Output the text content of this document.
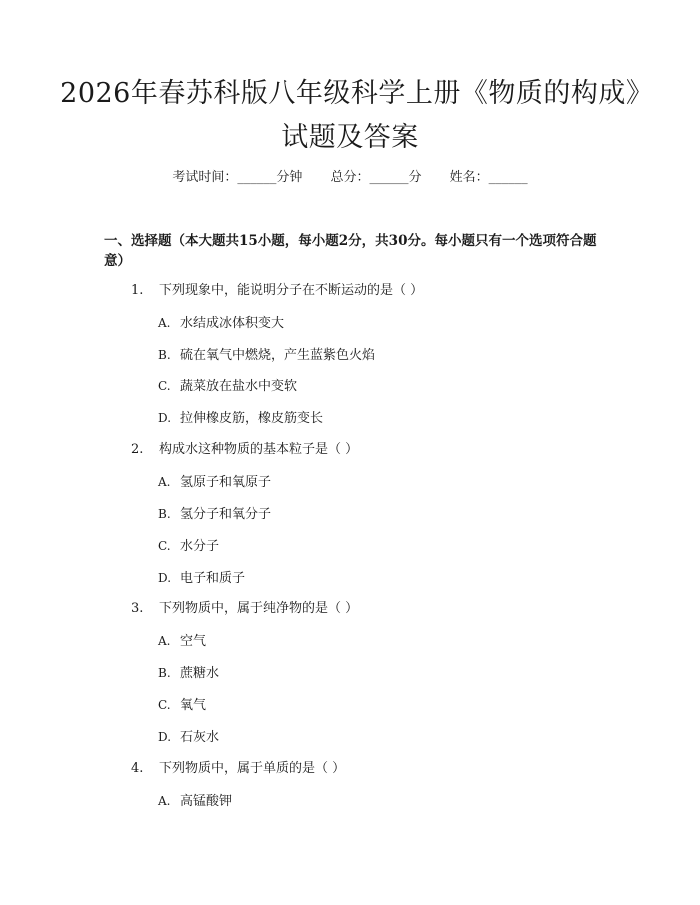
2026年春苏科版八年级科学上册《物质的构成》试题及答案
考试时间：______分钟 总分：______分 姓名：______
一、选择题（本大题共15小题，每小题2分，共30分。每小题只有一个选项符合题意）
1. 下列现象中，能说明分子在不断运动的是（ ）
A. 水结成冰体积变大
B. 硫在氧气中燃烧，产生蓝紫色火焰
C. 蔬菜放在盐水中变软
D. 拉伸橡皮筋，橡皮筋变长
2. 构成水这种物质的基本粒子是（ ）
A. 氢原子和氧原子
B. 氢分子和氧分子
C. 水分子
D. 电子和质子
3. 下列物质中，属于纯净物的是（ ）
A. 空气
B. 蔗糖水
C. 氧气
D. 石灰水
4. 下列物质中，属于单质的是（ ）
A. 高锰酸钾
